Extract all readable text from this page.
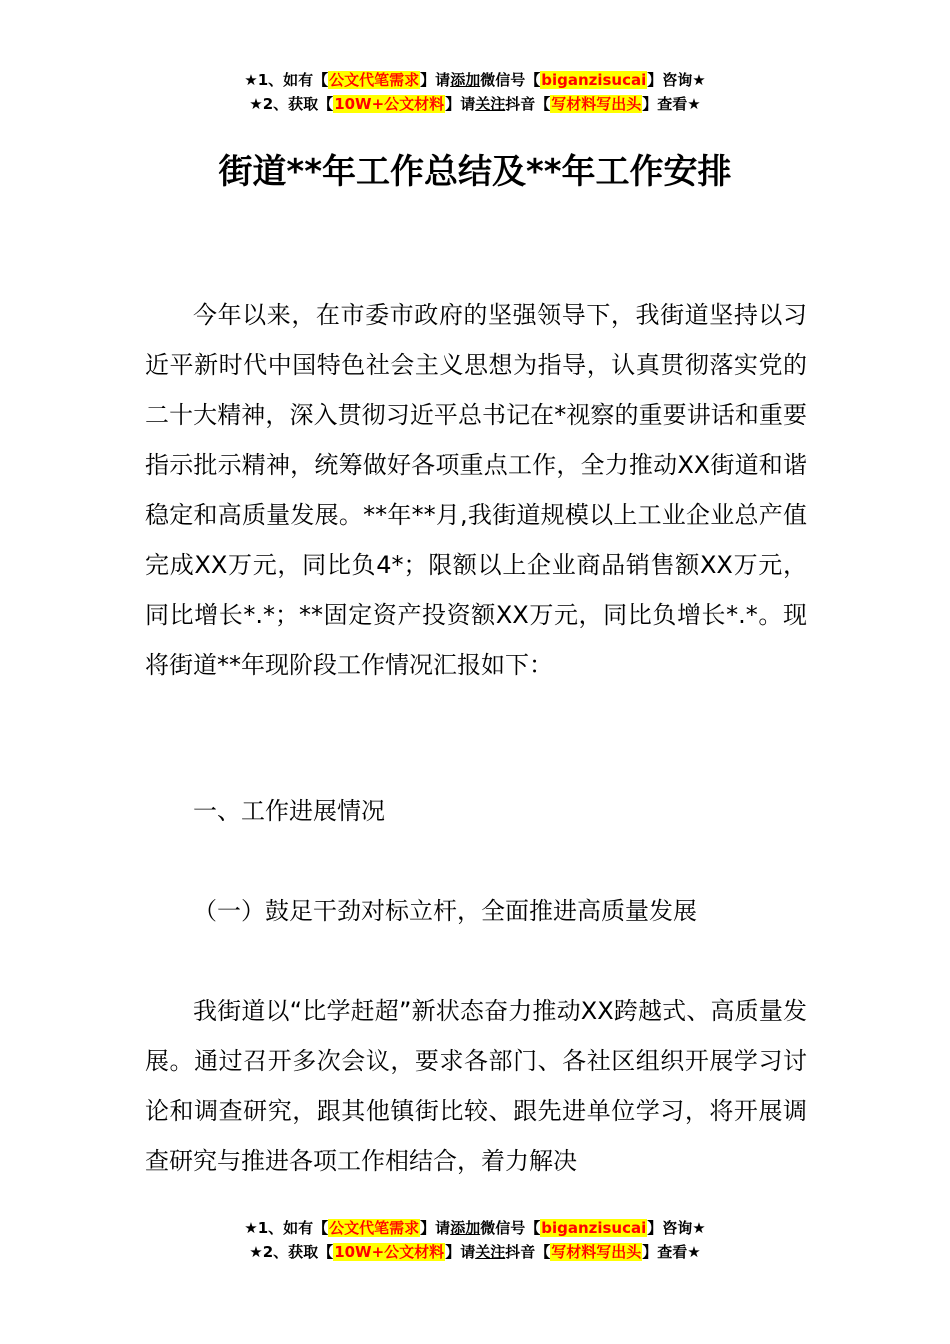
★1、如有【公文代笔需求】请添加微信号【biganzisucai】咨询★
★2、获取【10W+公文材料】请关注抖音【写材料写出头】查看★
街道**年工作总结及**年工作安排

今年以来，在市委市政府的坚强领导下，我街道坚持以习近平新时代中国特色社会主义思想为指导，认真贯彻落实党的二十大精神，深入贯彻习近平总书记在*视察的重要讲话和重要指示批示精神，统筹做好各项重点工作，全力推动XX街道和谐稳定和高质量发展。**年**月,我街道规模以上工业企业总产值完成XX万元，同比负4*；限额以上企业商品销售额XX万元，同比增长*.*；**固定资产投资额XX万元，同比负增长*.*。现将街道**年现阶段工作情况汇报如下：

一、工作进展情况

（一）鼓足干劲对标立杆，全面推进高质量发展

我街道以“比学赶超”新状态奋力推动XX跨越式、高质量发展。通过召开多次会议，要求各部门、各社区组织开展学习讨论和调查研究，跟其他镇街比较、跟先进单位学习，将开展调查研究与推进各项工作相结合，着力解决

★1、如有【公文代笔需求】请添加微信号【biganzisucai】咨询★
★2、获取【10W+公文材料】请关注抖音【写材料写出头】查看★
